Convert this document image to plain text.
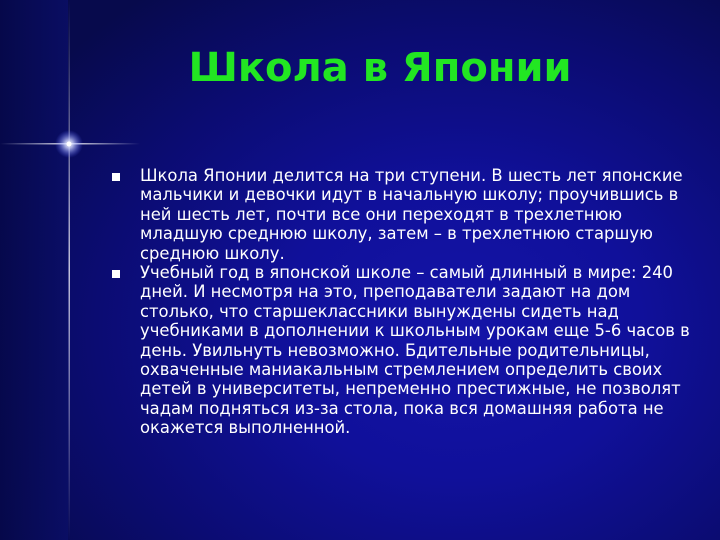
Школа в Японии
Школа Японии делится на три ступени. В шесть лет японские мальчики и девочки идут в начальную школу; проучившись в ней шесть лет, почти все они переходят в трехлетнюю младшую среднюю школу, затем – в трехлетнюю старшую среднюю школу.
Учебный год в японской школе – самый длинный в мире: 240 дней. И несмотря на это, преподаватели задают на дом столько, что старшеклассники вынуждены сидеть над учебниками в дополнении к школьным урокам еще 5-6 часов в день. Увильнуть невозможно. Бдительные родительницы, охваченные маниакальным стремлением определить своих детей в университеты, непременно престижные, не позволят чадам подняться из-за стола, пока вся домашняя работа не окажется выполненной.
